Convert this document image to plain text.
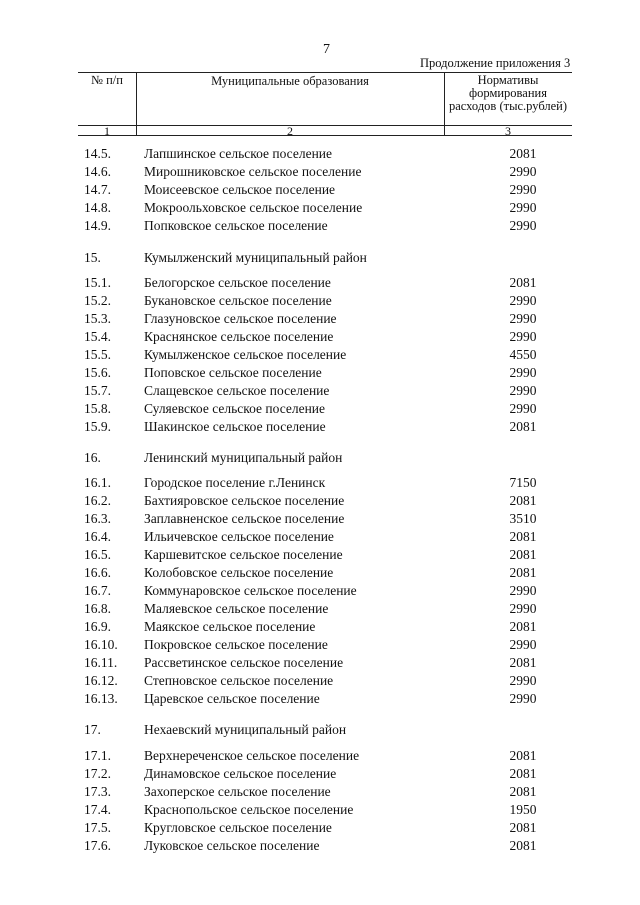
7
Продолжение приложения 3
№ п/п	Муниципальные образования	Нормативы формирования расходов (тыс.рублей)
1	2	3
14.5. Лапшинское сельское поселение	2081
14.6. Мирошниковское сельское поселение	2990
14.7. Моисеевское сельское поселение	2990
14.8. Мокроольховское сельское поселение	2990
14.9. Попковское сельское поселение	2990
15.	Кумылженский муниципальный район
15.1. Белогорское сельское поселение	2081
15.2. Букановское сельское поселение	2990
15.3. Глазуновское сельское поселение	2990
15.4. Краснянское сельское поселение	2990
15.5. Кумылженское сельское поселение	4550
15.6. Поповское сельское поселение	2990
15.7. Слащевское сельское поселение	2990
15.8. Суляевское сельское поселение	2990
15.9. Шакинское сельское поселение	2081
16.	Ленинский муниципальный район
16.1. Городское поселение г.Ленинск	7150
16.2. Бахтияровское сельское поселение	2081
16.3. Заплавненское сельское поселение	3510
16.4. Ильичевское сельское поселение	2081
16.5. Каршевитское сельское поселение	2081
16.6. Колобовское сельское поселение	2081
16.7. Коммунаровское сельское поселение	2990
16.8. Маляевское сельское поселение	2990
16.9. Маякское сельское поселение	2081
16.10. Покровское сельское поселение	2990
16.11. Рассветинское сельское поселение	2081
16.12. Степновское сельское поселение	2990
16.13. Царевское сельское поселение	2990
17.	Нехаевский муниципальный район
17.1. Верхнереченское сельское поселение	2081
17.2. Динамовское сельское поселение	2081
17.3. Захоперское сельское поселение	2081
17.4. Краснопольское сельское поселение	1950
17.5. Кругловское сельское поселение	2081
17.6. Луковское сельское поселение	2081
